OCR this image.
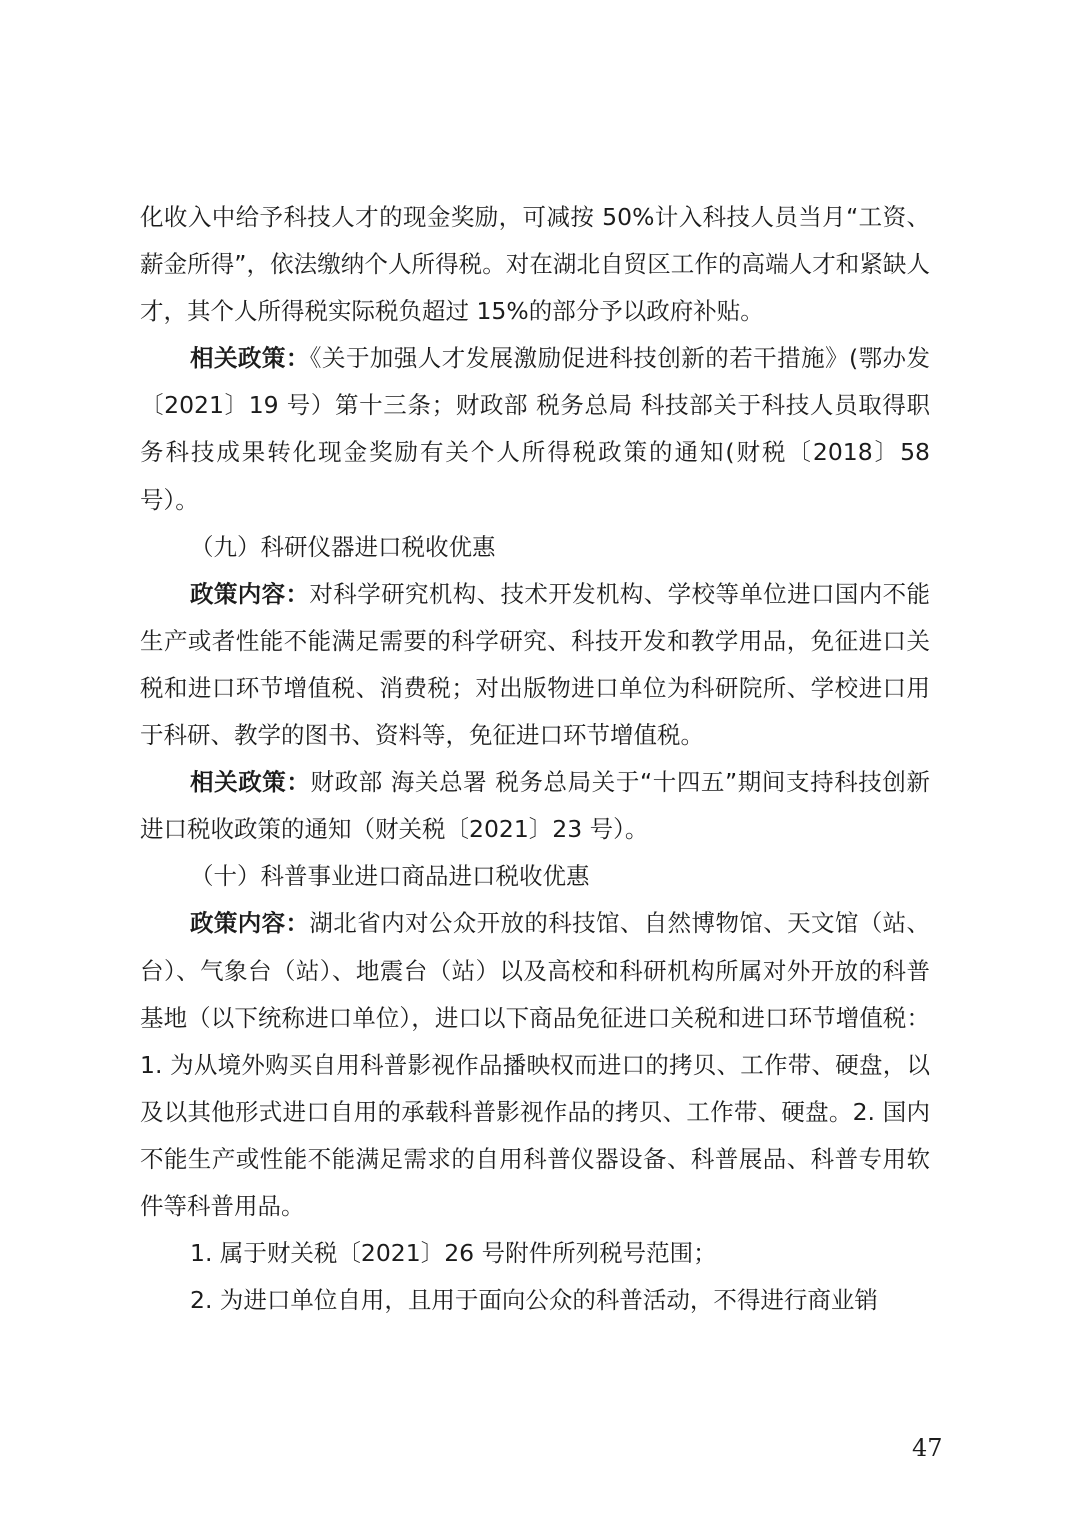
化收入中给予科技人才的现金奖励，可减按 50%计入科技人员当月“工资、薪金所得”，依法缴纳个人所得税。对在湖北自贸区工作的高端人才和紧缺人才，其个人所得税实际税负超过 15%的部分予以政府补贴。

相关政策：《关于加强人才发展激励促进科技创新的若干措施》(鄂办发〔2021〕19 号）第十三条；财政部 税务总局 科技部关于科技人员取得职务科技成果转化现金奖励有关个人所得税政策的通知(财税〔2018〕58 号）。

（九）科研仪器进口税收优惠

政策内容：对科学研究机构、技术开发机构、学校等单位进口国内不能生产或者性能不能满足需要的科学研究、科技开发和教学用品，免征进口关税和进口环节增值税、消费税；对出版物进口单位为科研院所、学校进口用于科研、教学的图书、资料等，免征进口环节增值税。

相关政策：财政部 海关总署 税务总局关于“十四五”期间支持科技创新进口税收政策的通知（财关税〔2021〕23 号）。

（十）科普事业进口商品进口税收优惠

政策内容：湖北省内对公众开放的科技馆、自然博物馆、天文馆（站、台）、气象台（站）、地震台（站）以及高校和科研机构所属对外开放的科普基地（以下统称进口单位），进口以下商品免征进口关税和进口环节增值税：1. 为从境外购买自用科普影视作品播映权而进口的拷贝、工作带、硬盘，以及以其他形式进口自用的承载科普影视作品的拷贝、工作带、硬盘。2. 国内不能生产或性能不能满足需求的自用科普仪器设备、科普展品、科普专用软件等科普用品。

1. 属于财关税〔2021〕26 号附件所列税号范围；

2. 为进口单位自用，且用于面向公众的科普活动，不得进行商业销

47
